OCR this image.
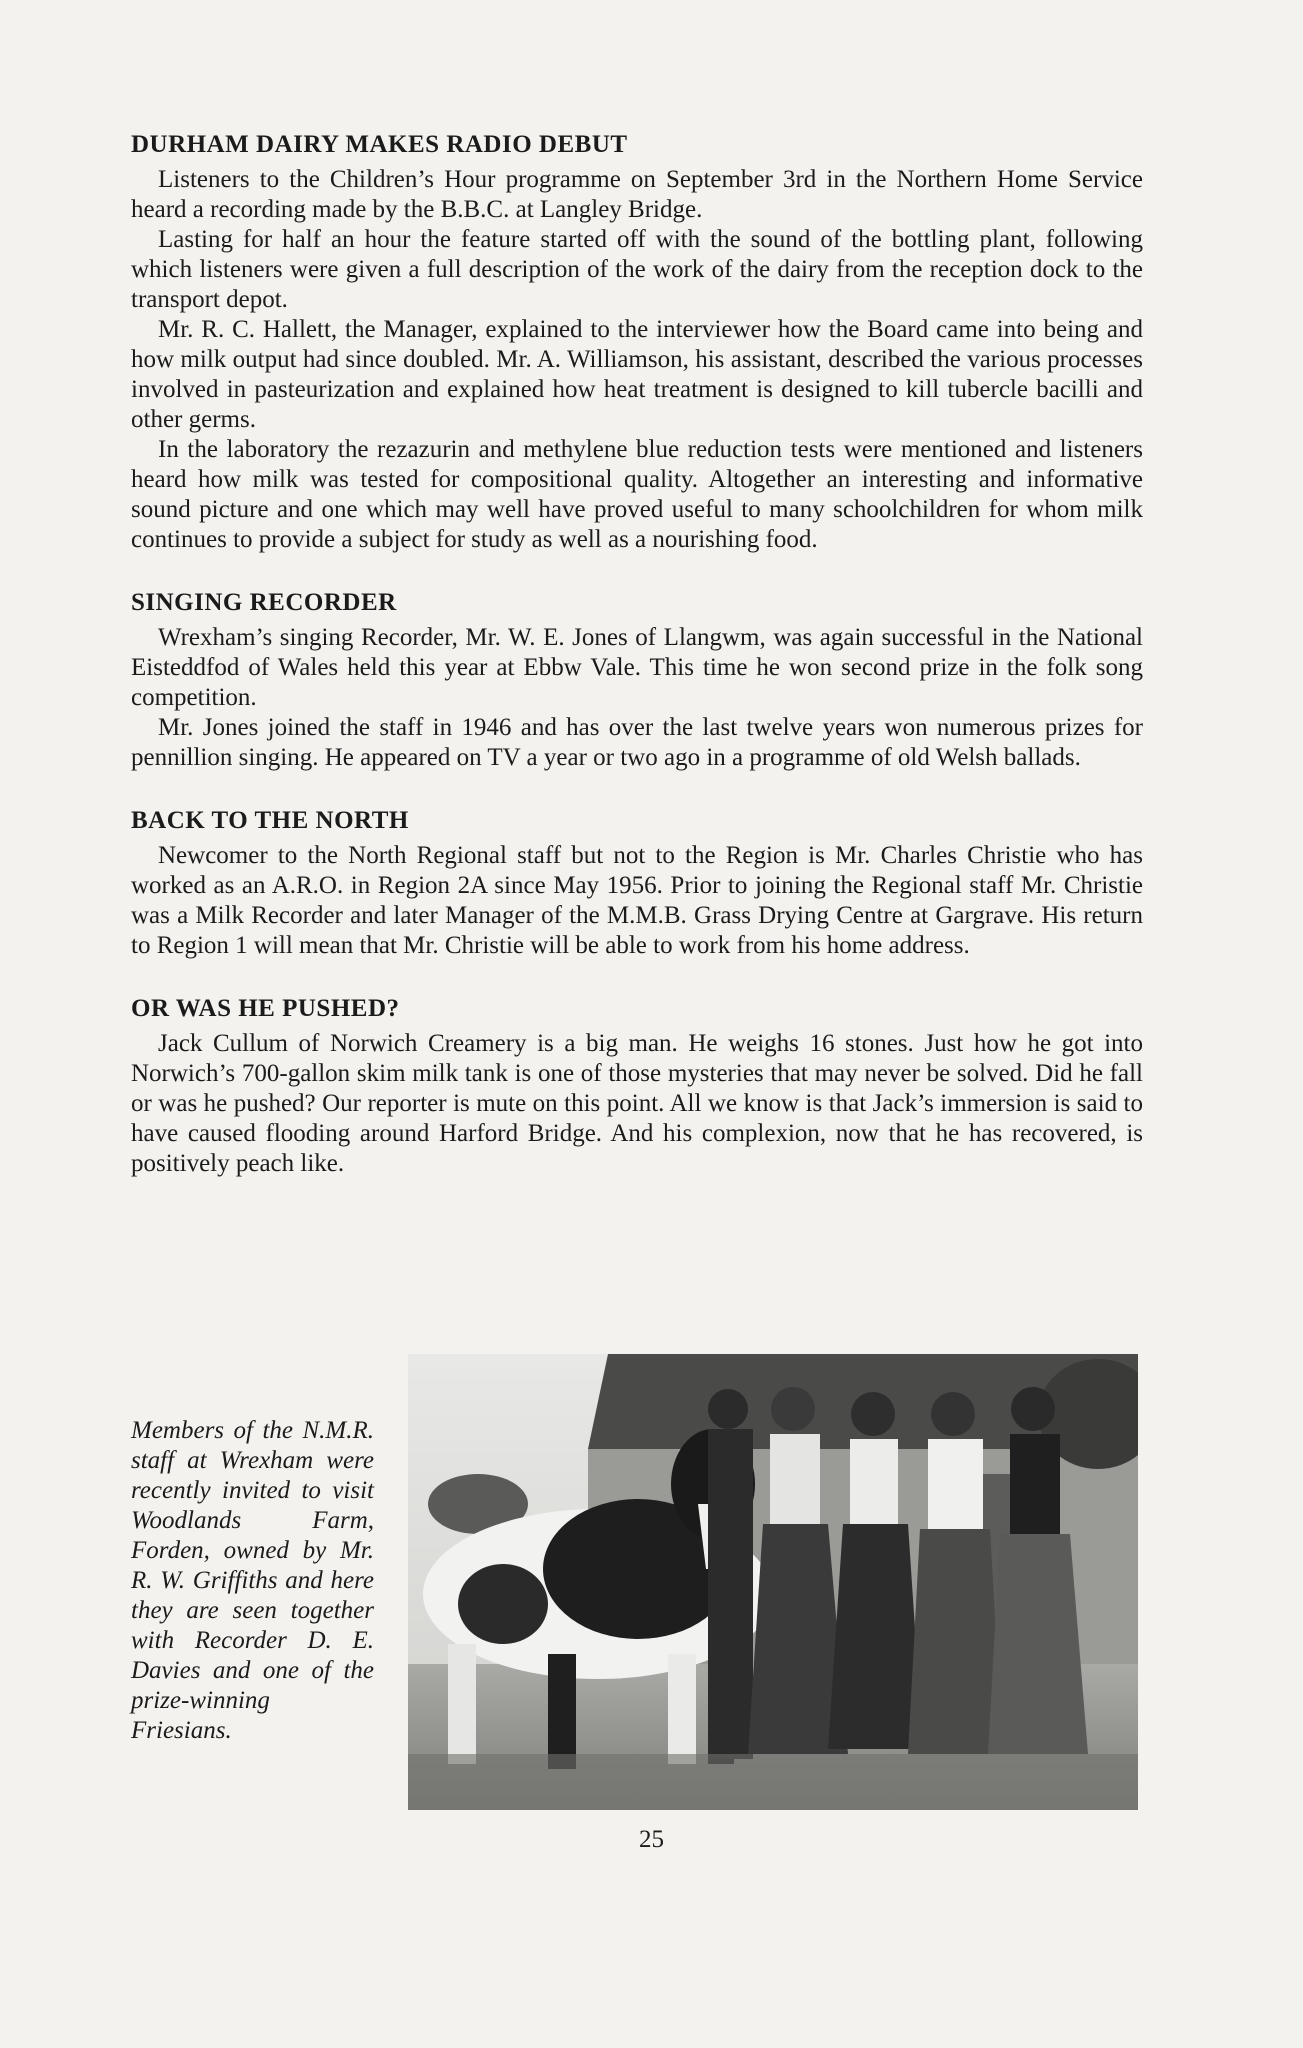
DURHAM DAIRY MAKES RADIO DEBUT

Listeners to the Children’s Hour programme on September 3rd in the Northern Home Service heard a recording made by the B.B.C. at Langley Bridge.

Lasting for half an hour the feature started off with the sound of the bottling plant, following which listeners were given a full description of the work of the dairy from the reception dock to the transport depot.

Mr. R. C. Hallett, the Manager, explained to the interviewer how the Board came into being and how milk output had since doubled. Mr. A. Williamson, his assistant, described the various processes involved in pasteurization and explained how heat treatment is designed to kill tubercle bacilli and other germs.

In the laboratory the rezazurin and methylene blue reduction tests were mentioned and listeners heard how milk was tested for compositional quality. Altogether an interesting and informative sound picture and one which may well have proved useful to many schoolchildren for whom milk continues to provide a subject for study as well as a nourishing food.

SINGING RECORDER

Wrexham’s singing Recorder, Mr. W. E. Jones of Llangwm, was again successful in the National Eisteddfod of Wales held this year at Ebbw Vale. This time he won second prize in the folk song competition.

Mr. Jones joined the staff in 1946 and has over the last twelve years won numerous prizes for pennillion singing. He appeared on TV a year or two ago in a programme of old Welsh ballads.

BACK TO THE NORTH

Newcomer to the North Regional staff but not to the Region is Mr. Charles Christie who has worked as an A.R.O. in Region 2A since May 1956. Prior to joining the Regional staff Mr. Christie was a Milk Recorder and later Manager of the M.M.B. Grass Drying Centre at Gargrave. His return to Region 1 will mean that Mr. Christie will be able to work from his home address.

OR WAS HE PUSHED?

Jack Cullum of Norwich Creamery is a big man. He weighs 16 stones. Just how he got into Norwich’s 700-gallon skim milk tank is one of those mysteries that may never be solved. Did he fall or was he pushed? Our reporter is mute on this point. All we know is that Jack’s immersion is said to have caused flooding around Harford Bridge. And his complexion, now that he has recovered, is positively peach like.

Members of the N.M.R. staff at Wrexham were recently invited to visit Woodlands Farm, Forden, owned by Mr. R. W. Griffiths and here they are seen together with Recorder D. E. Davies and one of the prize-winning Friesians.
25
